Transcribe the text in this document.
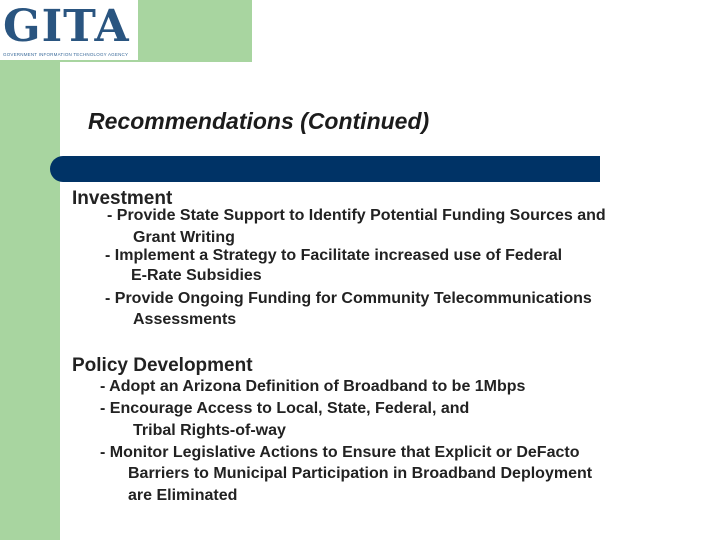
GITA
GOVERNMENT INFORMATION TECHNOLOGY AGENCY
Recommendations (Continued)
Investment
- Provide State Support to Identify Potential Funding Sources and
Grant Writing
- Implement a Strategy to Facilitate increased use of Federal
E-Rate Subsidies
- Provide Ongoing Funding for Community Telecommunications
Assessments
Policy Development
- Adopt an Arizona Definition of Broadband to be 1Mbps
- Encourage Access to Local, State, Federal, and
Tribal Rights-of-way
- Monitor Legislative Actions to Ensure that Explicit or DeFacto
Barriers to Municipal Participation in Broadband Deployment
are Eliminated
